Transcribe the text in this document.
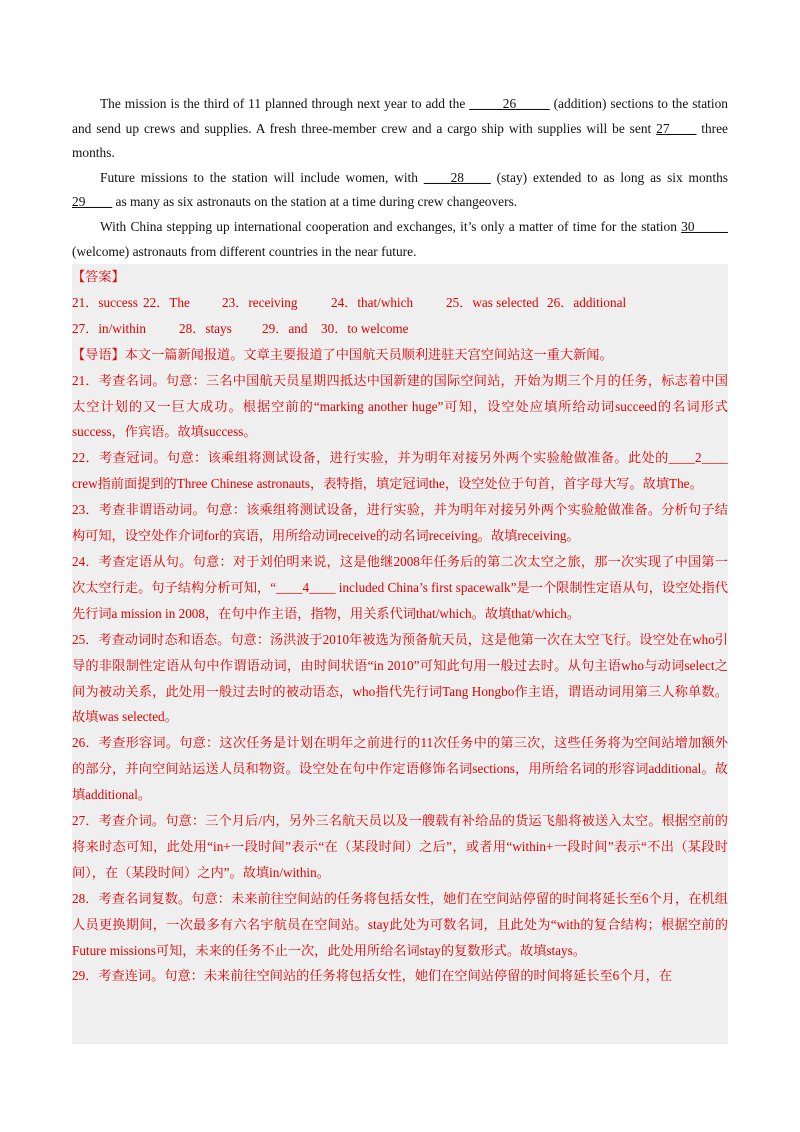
The mission is the third of 11 planned through next year to add the _____26_____ (addition) sections to the station and send up crews and supplies. A fresh three-member crew and a cargo ship with supplies will be sent 27____ three months.

Future missions to the station will include women, with ____28____ (stay) extended to as long as six months 29____ as many as six astronauts on the station at a time during crew changeovers.

With China stepping up international cooperation and exchanges, it’s only a matter of time for the station 30_____ (welcome) astronauts from different countries in the near future.

【答案】

21．success 22．The 23．receiving	24．that/which 25．was selected 26．additional

27．in/within	28．stays 29．and 30．to welcome

【导语】本文一篇新闻报道。文章主要报道了中国航天员顺利进驻天宫空间站这一重大新闻。

21．考查名词。句意：三名中国航天员星期四抵达中国新建的国际空间站，开始为期三个月的任务，标志着中国太空计划的又一巨大成功。根据空前的“marking another huge”可知，设空处应填所给动词succeed的名词形式success，作宾语。故填success。

22．考查冠词。句意：该乘组将测试设备，进行实验，并为明年对接另外两个实验舱做准备。此处的____2____ crew指前面提到的Three Chinese astronauts，表特指，填定冠词the，设空处位于句首，首字母大写。故填The。

23．考查非谓语动词。句意：该乘组将测试设备，进行实验，并为明年对接另外两个实验舱做准备。分析句子结构可知，设空处作介词for的宾语，用所给动词receive的动名词receiving。故填receiving。

24．考查定语从句。句意：对于刘伯明来说，这是他继2008年任务后的第二次太空之旅，那一次实现了中国第一次太空行走。句子结构分析可知，“____4____ included China’s first spacewalk”是一个限制性定语从句，设空处指代先行词a mission in 2008，在句中作主语，指物，用关系代词that/which。故填that/which。

25．考查动词时态和语态。句意：汤洪波于2010年被选为预备航天员，这是他第一次在太空飞行。设空处在who引导的非限制性定语从句中作谓语动词，由时间状语“in 2010”可知此句用一般过去时。从句主语who与动词select之间为被动关系，此处用一般过去时的被动语态，who指代先行词Tang Hongbo作主语，谓语动词用第三人称单数。故填was selected。

26．考查形容词。句意：这次任务是计划在明年之前进行的11次任务中的第三次，这些任务将为空间站增加额外的部分，并向空间站运送人员和物资。设空处在句中作定语修饰名词sections，用所给名词的形容词additional。故填additional。

27．考查介词。句意：三个月后/内，另外三名航天员以及一艘载有补给品的货运飞船将被送入太空。根据空前的将来时态可知，此处用“in+一段时间”表示“在（某段时间）之后”，或者用“within+一段时间”表示“不出（某段时间），在（某段时间）之内”。故填in/within。

28．考查名词复数。句意：未来前往空间站的任务将包括女性，她们在空间站停留的时间将延长至6个月，在机组人员更换期间，一次最多有六名宇航员在空间站。stay此处为可数名词，且此处为“with的复合结构；根据空前的Future missions可知，未来的任务不止一次，此处用所给名词stay的复数形式。故填stays。

29．考查连词。句意：未来前往空间站的任务将包括女性，她们在空间站停留的时间将延长至6个月，在
